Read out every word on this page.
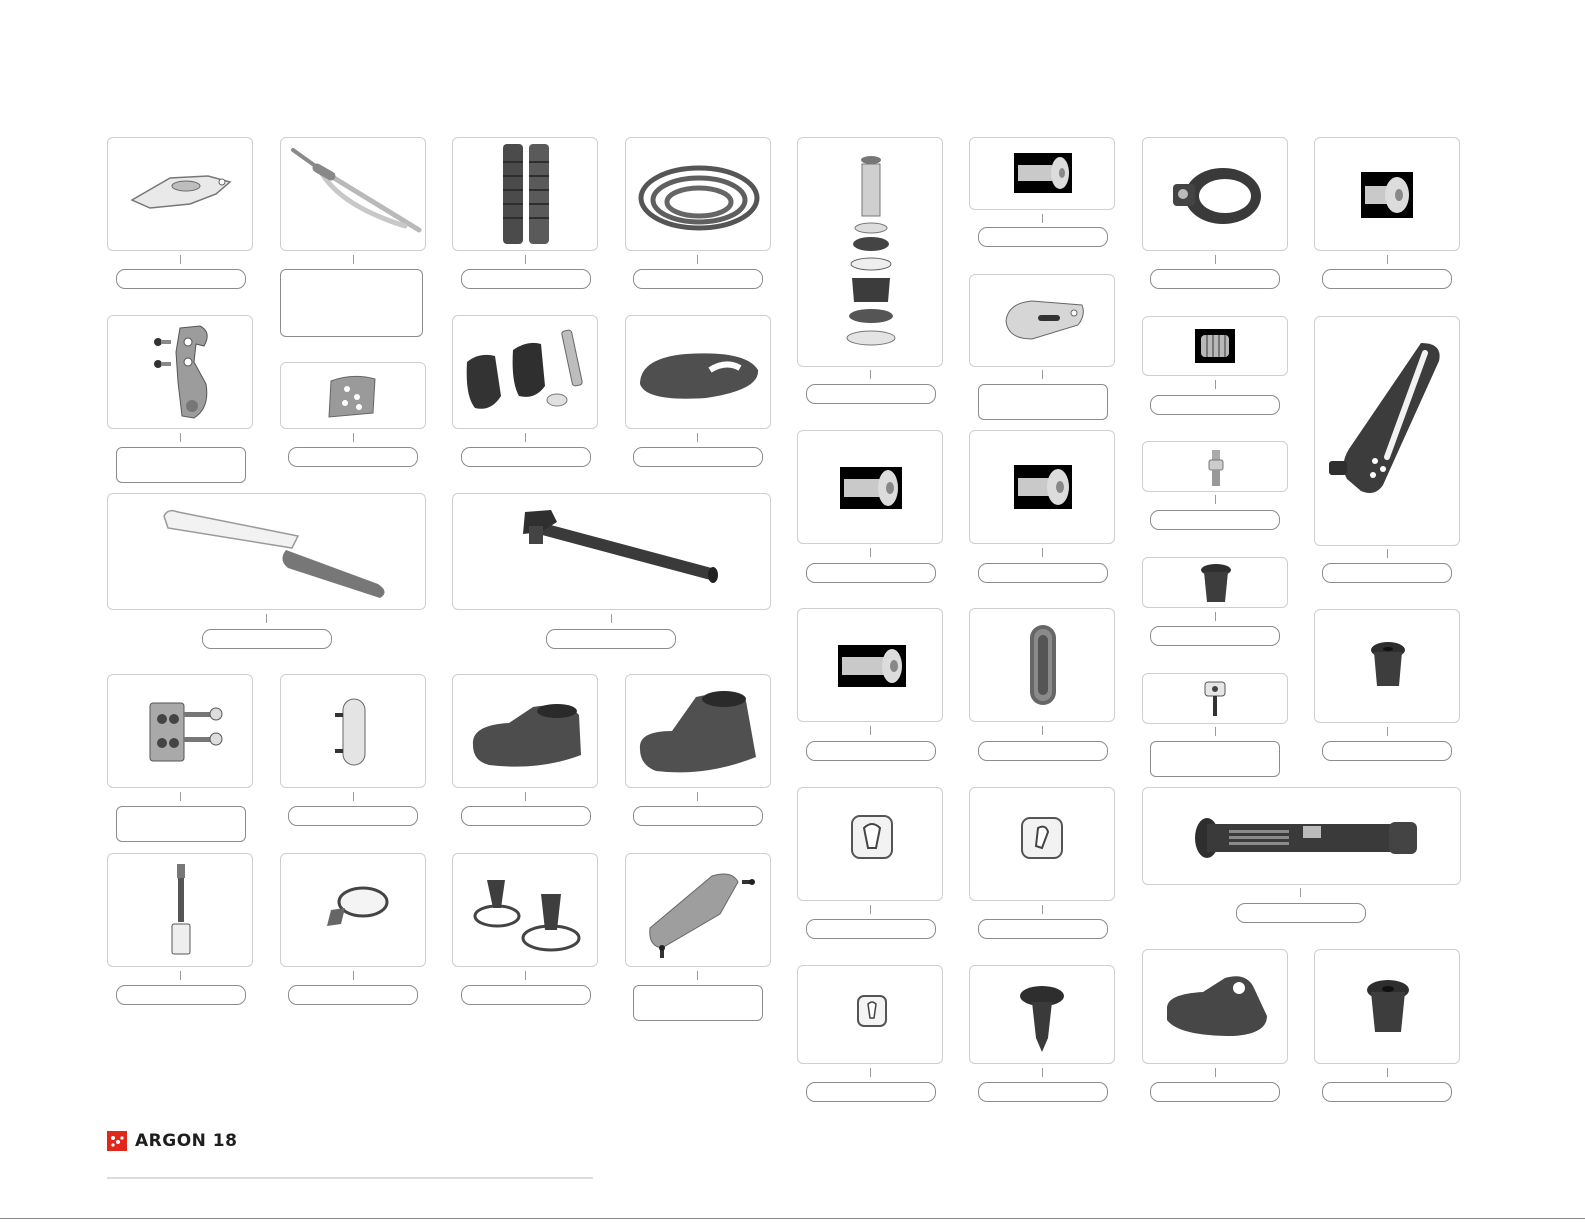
ARGON 18
